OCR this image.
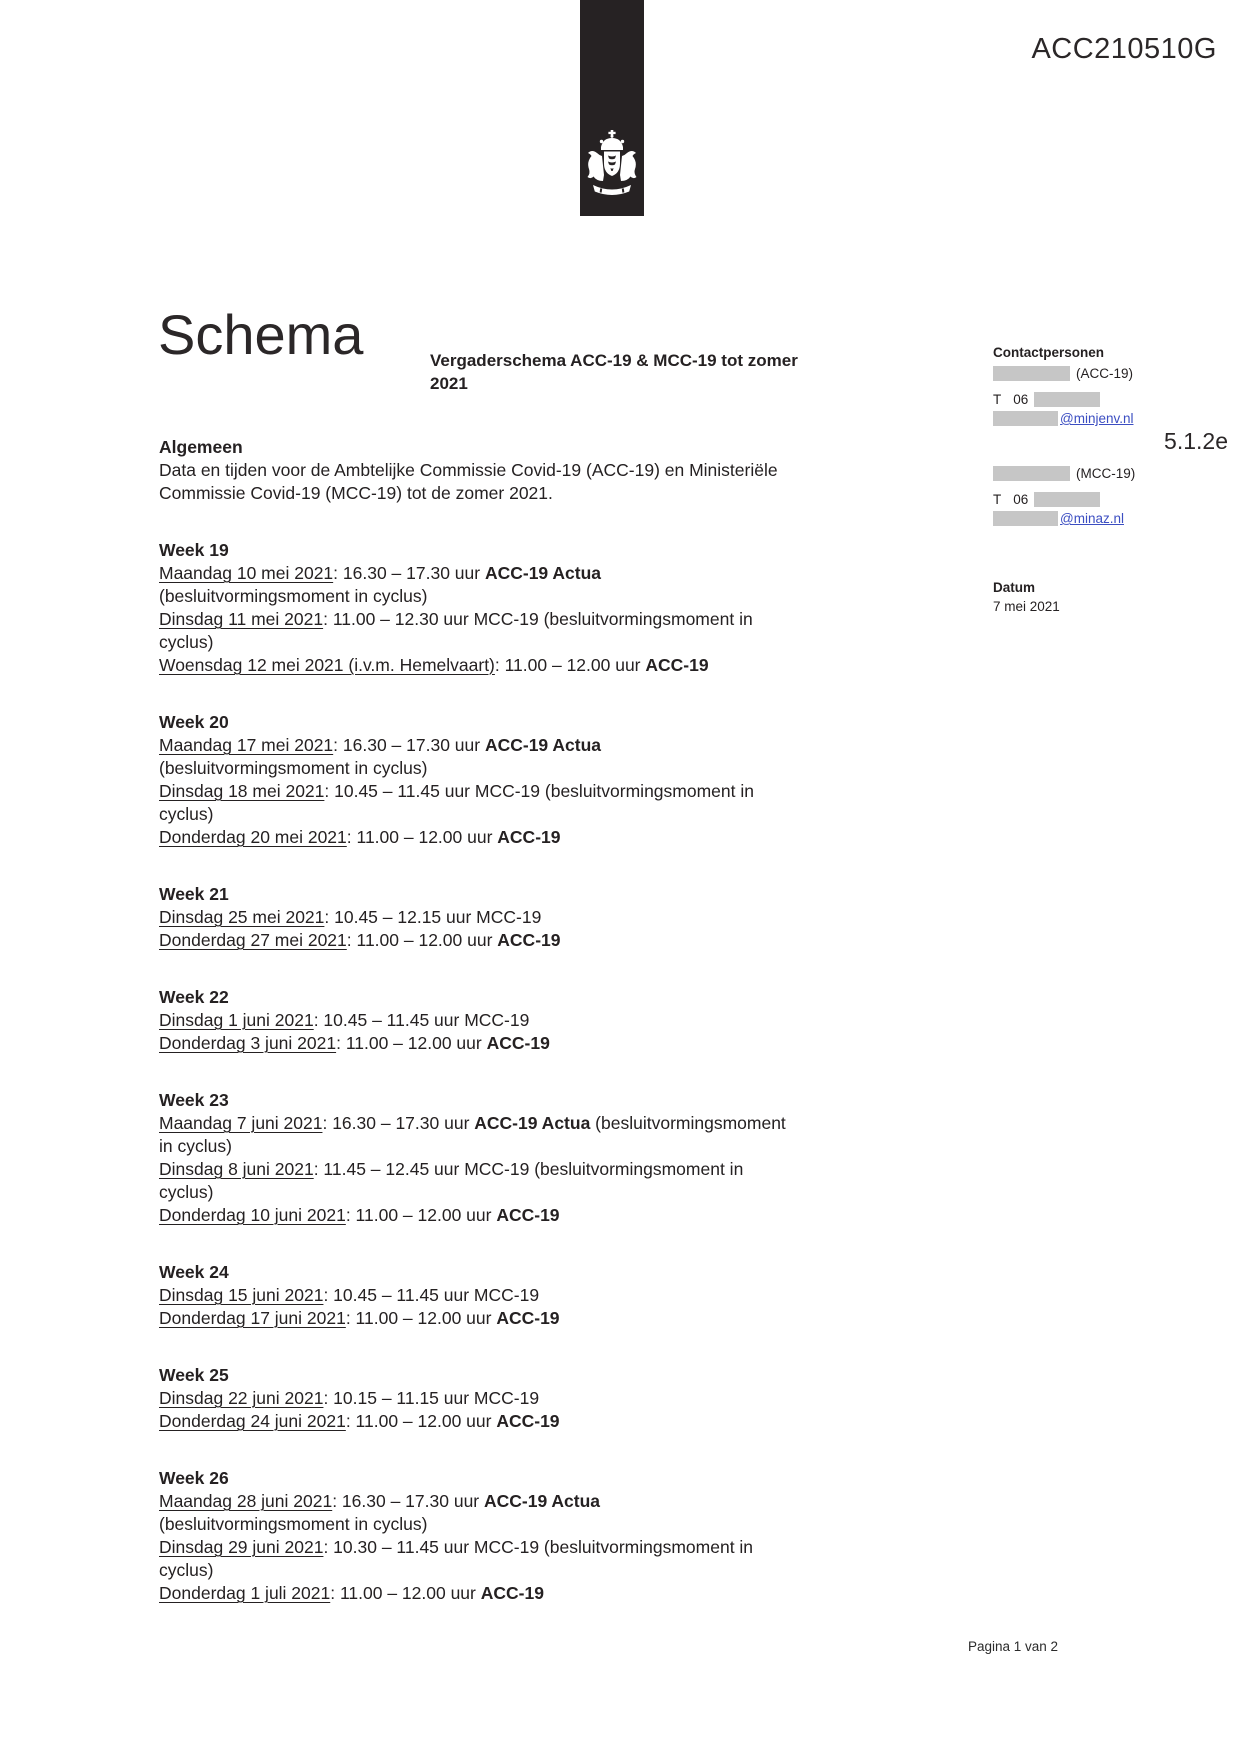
ACC210510G
Schema	Vergaderschema ACC-19 & MCC-19 tot zomer
2021
Contactpersonen
(ACC-19)
T 06
@minjenv.nl
(MCC-19)
T 06
@minaz.nl
Datum
7 mei 2021
5.1.2e
Algemeen
Data en tijden voor de Ambtelijke Commissie Covid-19 (ACC-19) en Ministeriële
Commissie Covid-19 (MCC-19) tot de zomer 2021.
Week 19
Maandag 10 mei 2021: 16.30 – 17.30 uur ACC-19 Actua
(besluitvormingsmoment in cyclus)
Dinsdag 11 mei 2021: 11.00 – 12.30 uur MCC-19 (besluitvormingsmoment in
cyclus)
Woensdag 12 mei 2021 (i.v.m. Hemelvaart): 11.00 – 12.00 uur ACC-19
Week 20
Maandag 17 mei 2021: 16.30 – 17.30 uur ACC-19 Actua
(besluitvormingsmoment in cyclus)
Dinsdag 18 mei 2021: 10.45 – 11.45 uur MCC-19 (besluitvormingsmoment in
cyclus)
Donderdag 20 mei 2021: 11.00 – 12.00 uur ACC-19
Week 21
Dinsdag 25 mei 2021: 10.45 – 12.15 uur MCC-19
Donderdag 27 mei 2021: 11.00 – 12.00 uur ACC-19
Week 22
Dinsdag 1 juni 2021: 10.45 – 11.45 uur MCC-19
Donderdag 3 juni 2021: 11.00 – 12.00 uur ACC-19
Week 23
Maandag 7 juni 2021: 16.30 – 17.30 uur ACC-19 Actua (besluitvormingsmoment
in cyclus)
Dinsdag 8 juni 2021: 11.45 – 12.45 uur MCC-19 (besluitvormingsmoment in
cyclus)
Donderdag 10 juni 2021: 11.00 – 12.00 uur ACC-19
Week 24
Dinsdag 15 juni 2021: 10.45 – 11.45 uur MCC-19
Donderdag 17 juni 2021: 11.00 – 12.00 uur ACC-19
Week 25
Dinsdag 22 juni 2021: 10.15 – 11.15 uur MCC-19
Donderdag 24 juni 2021: 11.00 – 12.00 uur ACC-19
Week 26
Maandag 28 juni 2021: 16.30 – 17.30 uur ACC-19 Actua
(besluitvormingsmoment in cyclus)
Dinsdag 29 juni 2021: 10.30 – 11.45 uur MCC-19 (besluitvormingsmoment in
cyclus)
Donderdag 1 juli 2021: 11.00 – 12.00 uur ACC-19
Pagina 1 van 2
